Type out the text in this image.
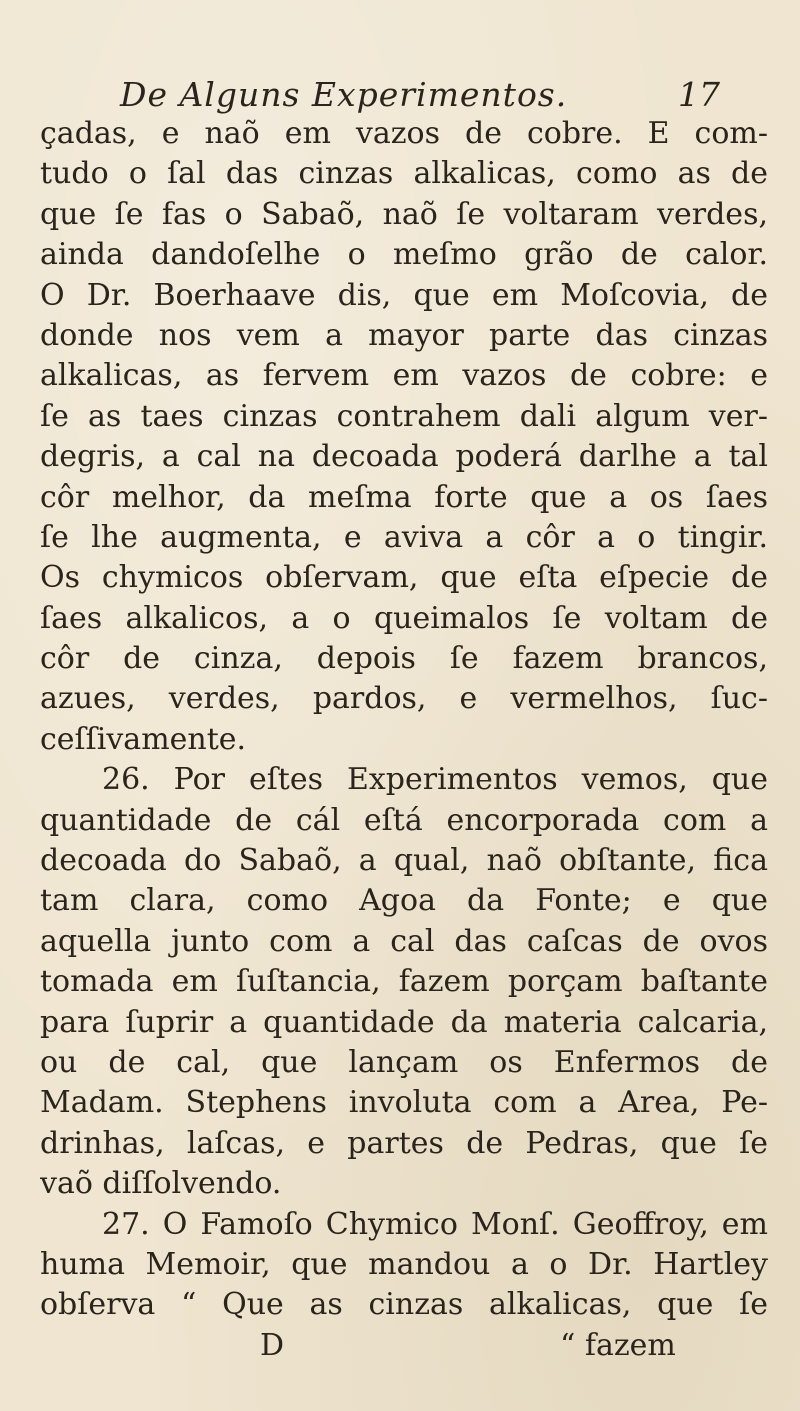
De Alguns Experimentos.	17
çadas, e naõ em vazos de cobre. E com-
tudo o ſal das cinzas alkalicas, como as de
que ſe fas o Sabaõ, naõ ſe voltaram verdes,
ainda dandoſelhe o meſmo grão de calor.
O Dr. Boerhaave dis, que em Moſcovia, de
donde nos vem a mayor parte das cinzas
alkalicas, as fervem em vazos de cobre: e
ſe as taes cinzas contrahem dali algum ver-
degris, a cal na decoada poderá darlhe a tal
côr melhor, da meſma forte que a os ſaes
ſe lhe augmenta, e aviva a côr a o tingir.
Os chymicos obſervam, que eſta eſpecie de
ſaes alkalicos, a o queimalos ſe voltam de
côr de cinza, depois ſe fazem brancos,
azues, verdes, pardos, e vermelhos, ſuc-
ceſſivamente.
26. Por eſtes Experimentos vemos, que
quantidade de cál eſtá encorporada com a
decoada do Sabaõ, a qual, naõ obſtante, fica
tam clara, como Agoa da Fonte; e que
aquella junto com a cal das caſcas de ovos
tomada em ſuſtancia, fazem porçam baſtante
para ſuprir a quantidade da materia calcaria,
ou de cal, que lançam os Enfermos de
Madam. Stephens involuta com a Area, Pe-
drinhas, laſcas, e partes de Pedras, que ſe
vaõ diſſolvendo.
27. O Famoſo Chymico Monſ. Geoffroy, em
huma Memoir, que mandou a o Dr. Hartley
obſerva “ Que as cinzas alkalicas, que ſe
D	“ fazem
